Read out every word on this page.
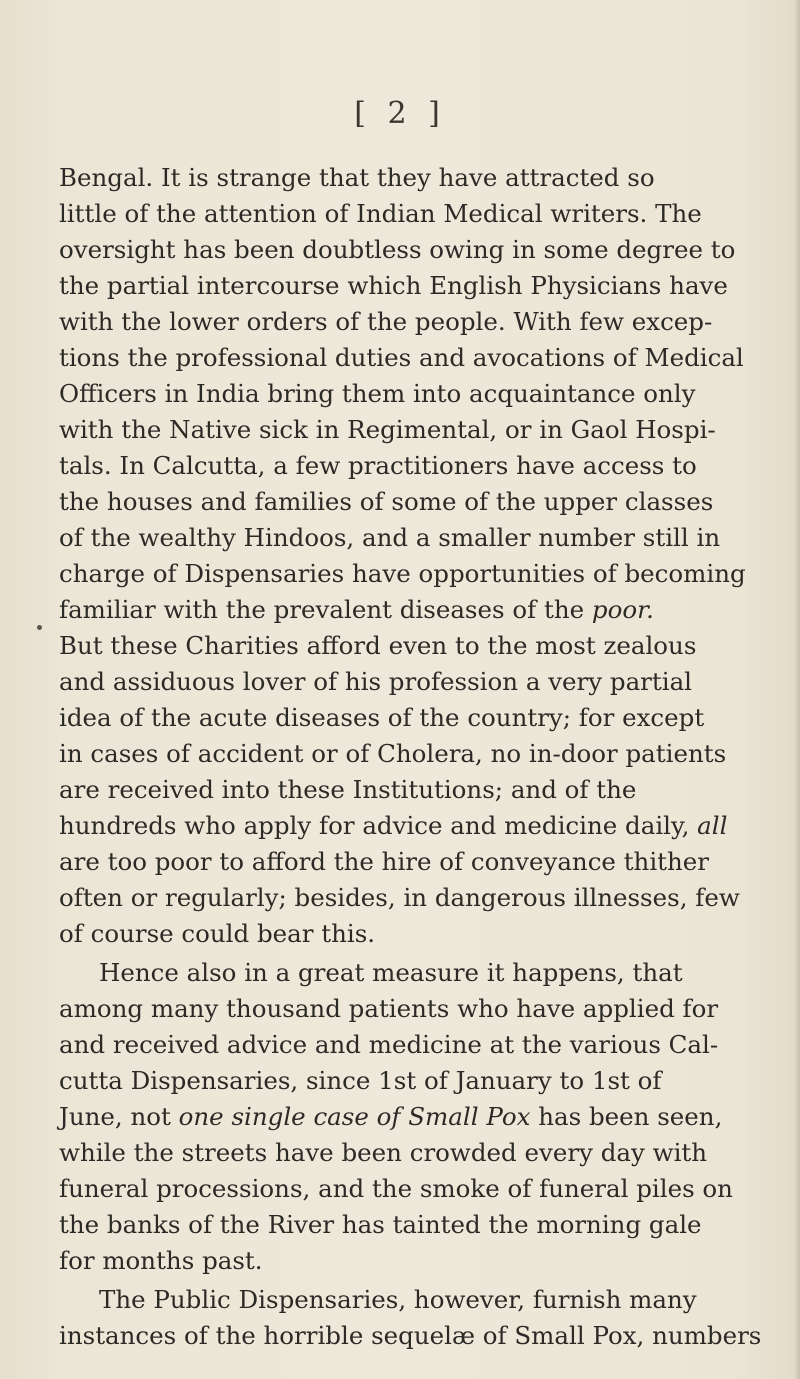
[ 2 ]
Bengal. It is strange that they have attracted so
little of the attention of Indian Medical writers. The
oversight has been doubtless owing in some degree to
the partial intercourse which English Physicians have
with the lower orders of the people. With few excep-
tions the professional duties and avocations of Medical
Officers in India bring them into acquaintance only
with the Native sick in Regimental, or in Gaol Hospi-
tals. In Calcutta, a few practitioners have access to
the houses and families of some of the upper classes
of the wealthy Hindoos, and a smaller number still in
charge of Dispensaries have opportunities of becoming
familiar with the prevalent diseases of the poor.
But these Charities afford even to the most zealous
and assiduous lover of his profession a very partial
idea of the acute diseases of the country; for except
in cases of accident or of Cholera, no in-door patients
are received into these Institutions; and of the
hundreds who apply for advice and medicine daily, all
are too poor to afford the hire of conveyance thither
often or regularly; besides, in dangerous illnesses, few
of course could bear this.
Hence also in a great measure it happens, that
among many thousand patients who have applied for
and received advice and medicine at the various Cal-
cutta Dispensaries, since 1st of January to 1st of
June, not one single case of Small Pox has been seen,
while the streets have been crowded every day with
funeral processions, and the smoke of funeral piles on
the banks of the River has tainted the morning gale
for months past.
The Public Dispensaries, however, furnish many
instances of the horrible sequelæ of Small Pox, numbers
